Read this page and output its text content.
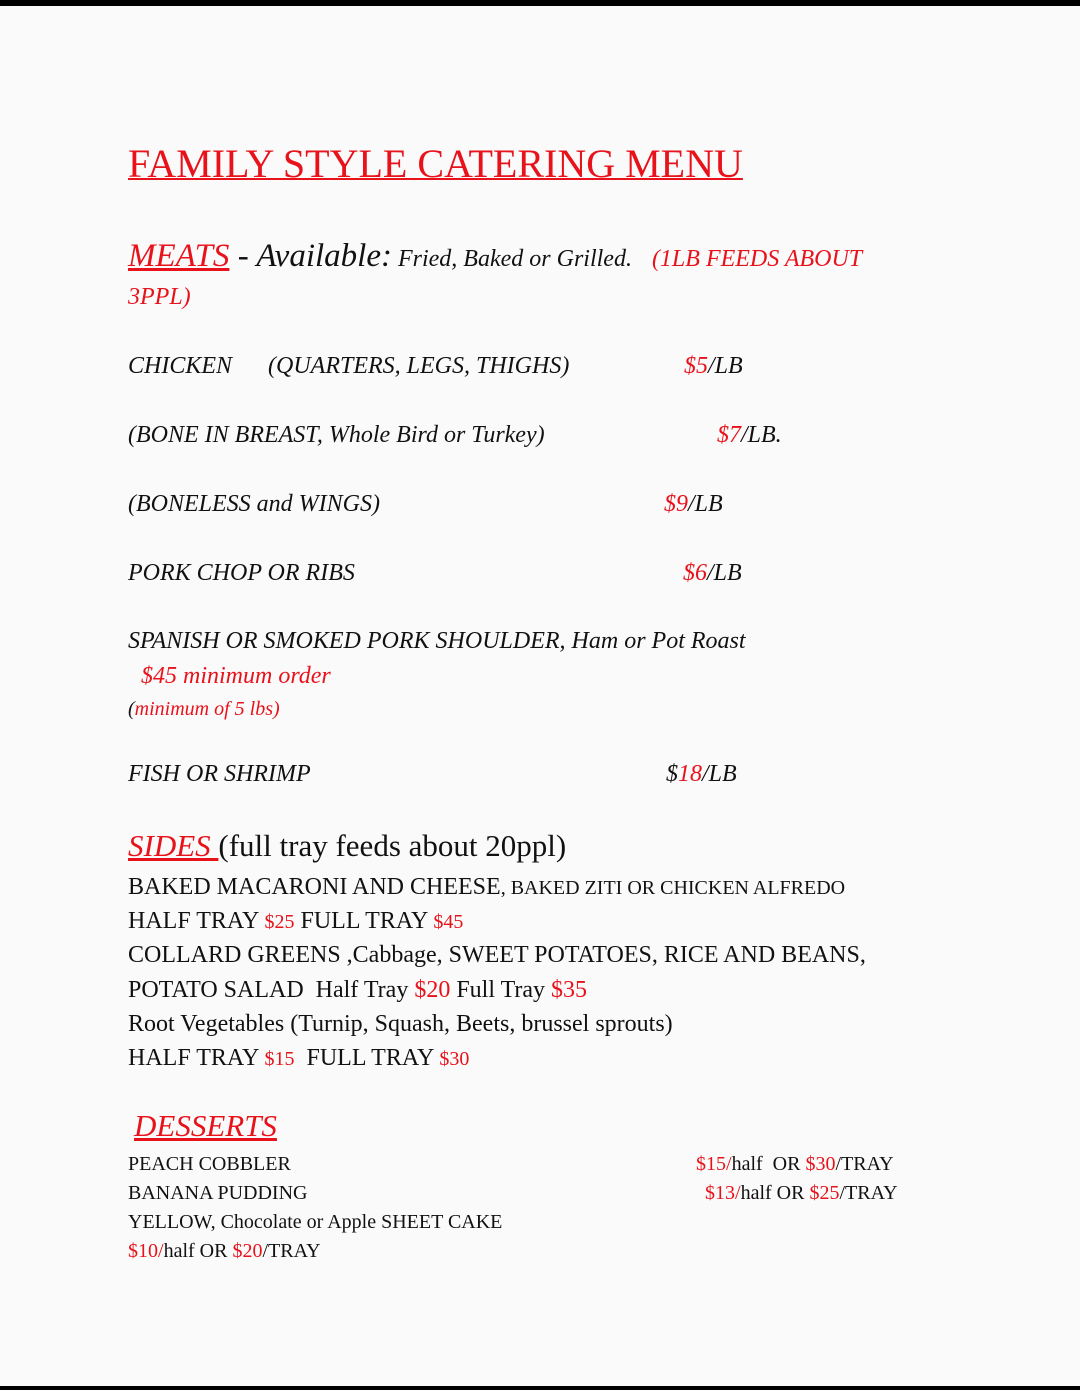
FAMILY STYLE CATERING MENU
MEATS - Available: Fried, Baked or Grilled. (1LB FEEDS ABOUT
3PPL)
CHICKEN      (QUARTERS, LEGS, THIGHS)	$5/LB
(BONE IN BREAST, Whole Bird or Turkey)	$7/LB.
(BONELESS and WINGS)	$9/LB
PORK CHOP OR RIBS	$6/LB
SPANISH OR SMOKED PORK SHOULDER, Ham or Pot Roast
$45 minimum order
(minimum of 5 lbs)
FISH OR SHRIMP	$18/LB
SIDES (full tray feeds about 20ppl)
BAKED MACARONI AND CHEESE, BAKED ZITI OR CHICKEN ALFREDO
HALF TRAY $25 FULL TRAY $45
COLLARD GREENS ,Cabbage, SWEET POTATOES, RICE AND BEANS,
POTATO SALAD  Half Tray $20 Full Tray $35
Root Vegetables (Turnip, Squash, Beets, brussel sprouts)
HALF TRAY $15  FULL TRAY $30
DESSERTS
PEACH COBBLER	$15/half  OR $30/TRAY
BANANA PUDDING	$13/half OR $25/TRAY
YELLOW, Chocolate or Apple SHEET CAKE
$10/half OR $20/TRAY
